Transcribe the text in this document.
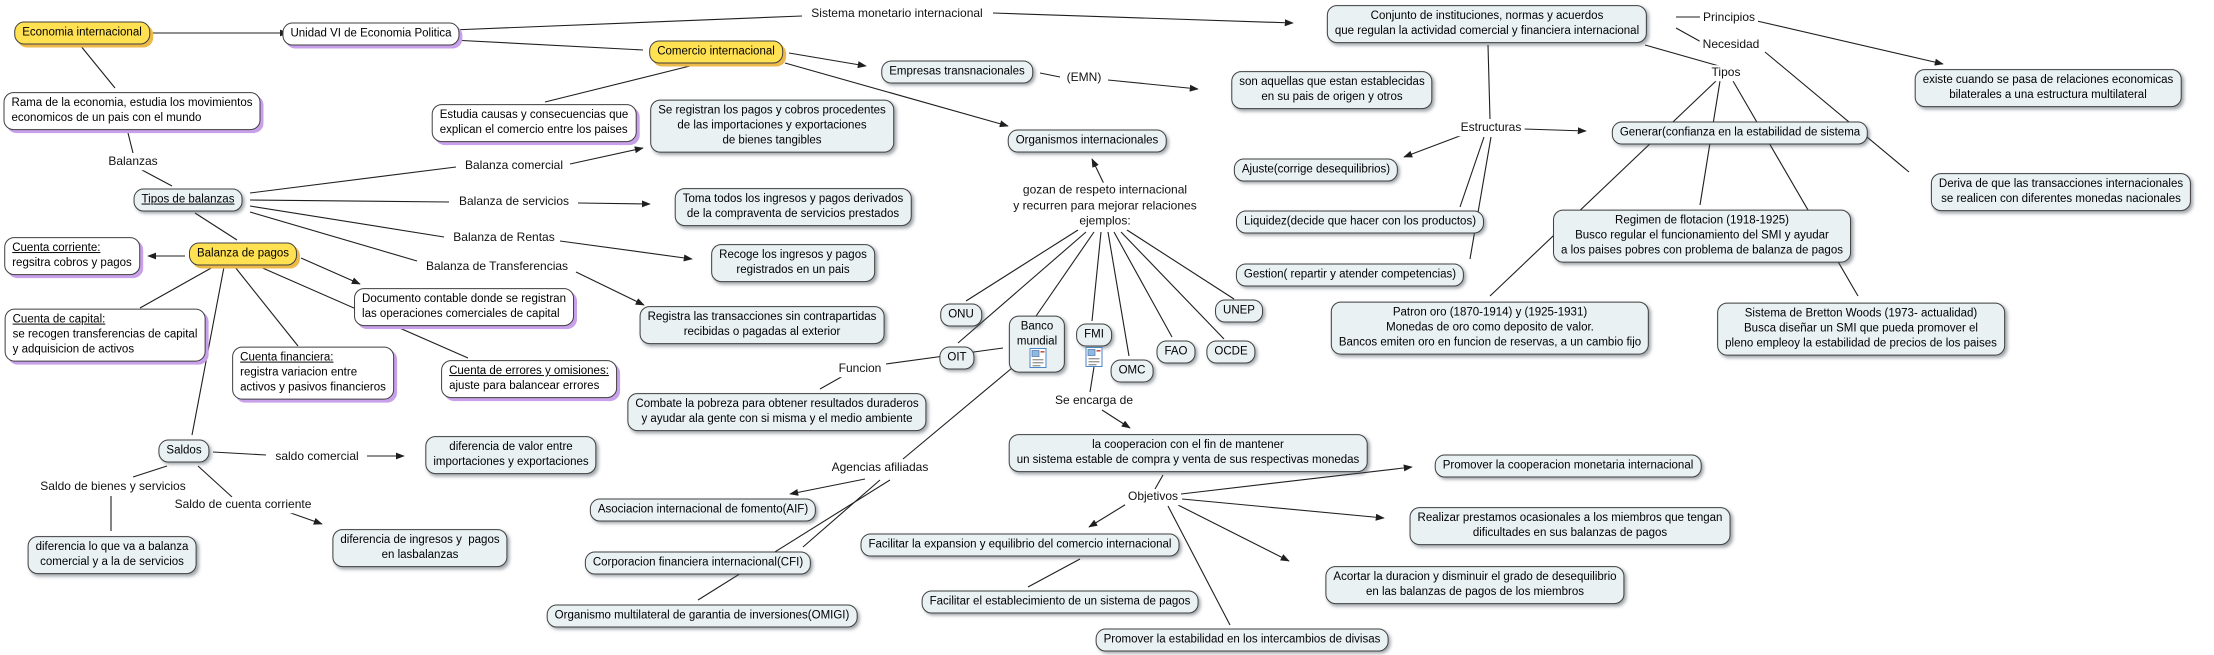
Balanzas
Sistema monetario internacional
(EMN)
Principios
Necesidad
Tipos
Estructuras
Balanza comercial
Balanza de servicios
Balanza de Rentas
Balanza de Transferencias
gozan de respeto internacional
y recurren para mejorar relaciones
ejemplos:
Se encarga de
Objetivos
Funcion
Agencias afiliadas
saldo comercial
Saldo de bienes y servicios
Saldo de cuenta corriente
Economia internacional	Unidad VI de Economia Politica
Rama de la economia, estudia los movimientos
economicos de un pais con el mundo
Tipos de balanzas
Comercio internacional
Conjunto de instituciones, normas y acuerdos
que regulan la actividad comercial y financiera internacional
Empresas transnacionales
son aquellas que estan establecidas
en su pais de origen y otros
Estudia causas y consecuencias que
explican el comercio entre los paises
Se registran los pagos y cobros procedentes
de las importaciones y exportaciones
de bienes tangibles	Organismos internacionales
Ajuste(corrige desequilibrios)
Liquidez(decide que hacer con los productos)
Gestion( repartir y atender competencias)
Generar(confianza en la estabilidad de sistema
existe cuando se pasa de relaciones economicas
bilaterales a una estructura multilateral
Deriva de que las transacciones internacionales
se realicen con diferentes monedas nacionales
Regimen de flotacion (1918-1925)
Busco regular el funcionamiento del SMI y ayudar
a los paises pobres con problema de balanza de pagos
Patron oro (1870-1914) y (1925-1931)
Monedas de oro como deposito de valor.
Bancos emiten oro en funcion de reservas, a un cambio fijo
Sistema de Bretton Woods (1973- actualidad)
Busca diseñar un SMI que pueda promover el
pleno empleoy la estabilidad de precios de los paises
Cuenta corriente:
regsitra cobros y pagos
Balanza de pagos
Documento contable donde se registran
las operaciones comerciales de capital
Toma todos los ingresos y pagos derivados
de la compraventa de servicios prestados
Recoge los ingresos y pagos
registrados en un pais
Registra las transacciones sin contrapartidas
recibidas o pagadas al exterior
Cuenta de capital:
se recogen transferencias de capital
y adquisicion de activos
Cuenta financiera:
registra variacion entre
activos y pasivos financieros
Cuenta de errores y omisiones:
ajuste para balancear errores
Saldos	diferencia de valor entre
importaciones y exportaciones
diferencia lo que va a balanza
comercial y a la de servicios
diferencia de ingresos y  pagos
en lasbalanzas
ONU
OIT
Banco
mundial
FMI
OMC
FAO OCDE
UNEP
Combate la pobreza para obtener resultados duraderos
y ayudar ala gente con si misma y el medio ambiente
Asociacion internacional de fomento(AIF)
Corporacion financiera internacional(CFI)
Organismo multilateral de garantia de inversiones(OMIGI)
la cooperacion con el fin de mantener
un sistema estable de compra y venta de sus respectivas monedas	Promover la cooperacion monetaria internacional
Realizar prestamos ocasionales a los miembros que tengan
dificultades en sus balanzas de pagos
Acortar la duracion y disminuir el grado de desequilibrio
en las balanzas de pagos de los miembros
Facilitar la expansion y equilibrio del comercio internacional
Facilitar el establecimiento de un sistema de pagos
Promover la estabilidad en los intercambios de divisas
